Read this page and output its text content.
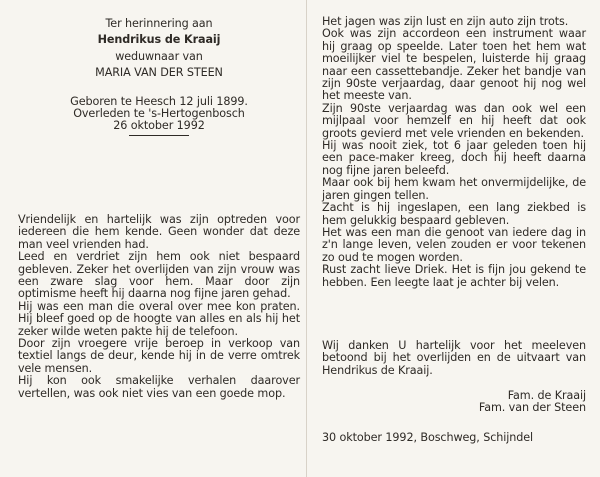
Ter herinnering aan
Hendrikus de Kraaij
weduwnaar van
MARIA VAN DER STEEN
Geboren te Heesch 12 juli 1899.
Overleden te 's-Hertogenbosch
26 oktober 1992

Vriendelijk en hartelijk was zijn optreden voor iedereen die hem kende. Geen wonder dat deze man veel vrienden had.

Leed en verdriet zijn hem ook niet bespaard gebleven. Zeker het overlijden van zijn vrouw was een zware slag voor hem. Maar door zijn optimisme heeft hij daarna nog fijne jaren gehad.

Hij was een man die overal over mee kon praten. Hij bleef goed op de hoogte van alles en als hij het zeker wilde weten pakte hij de telefoon.

Door zijn vroegere vrije beroep in verkoop van textiel langs de deur, kende hij in de verre omtrek vele mensen.

Hij kon ook smakelijke verhalen daarover vertellen, was ook niet vies van een goede mop.

Het jagen was zijn lust en zijn auto zijn trots.

Ook was zijn accordeon een instrument waar hij graag op speelde. Later toen het hem wat moeilijker viel te bespelen, luisterde hij graag naar een cassettebandje. Zeker het bandje van zijn 90ste verjaardag, daar genoot hij nog wel het meeste van.

Zijn 90ste verjaardag was dan ook wel een mijlpaal voor hemzelf en hij heeft dat ook groots gevierd met vele vrienden en bekenden.

Hij was nooit ziek, tot 6 jaar geleden toen hij een pace-maker kreeg, doch hij heeft daarna nog fijne jaren beleefd.

Maar ook bij hem kwam het onvermijdelijke, de jaren gingen tellen.

Zacht is hij ingeslapen, een lang ziekbed is hem gelukkig bespaard gebleven.

Het was een man die genoot van iedere dag in z'n lange leven, velen zouden er voor tekenen zo oud te mogen worden.

Rust zacht lieve Driek. Het is fijn jou gekend te hebben. Een leegte laat je achter bij velen.

Wij danken U hartelijk voor het meeleven betoond bij het overlijden en de uitvaart van Hendrikus de Kraaij.

Fam. de Kraaij
Fam. van der Steen
30 oktober 1992, Boschweg, Schijndel
